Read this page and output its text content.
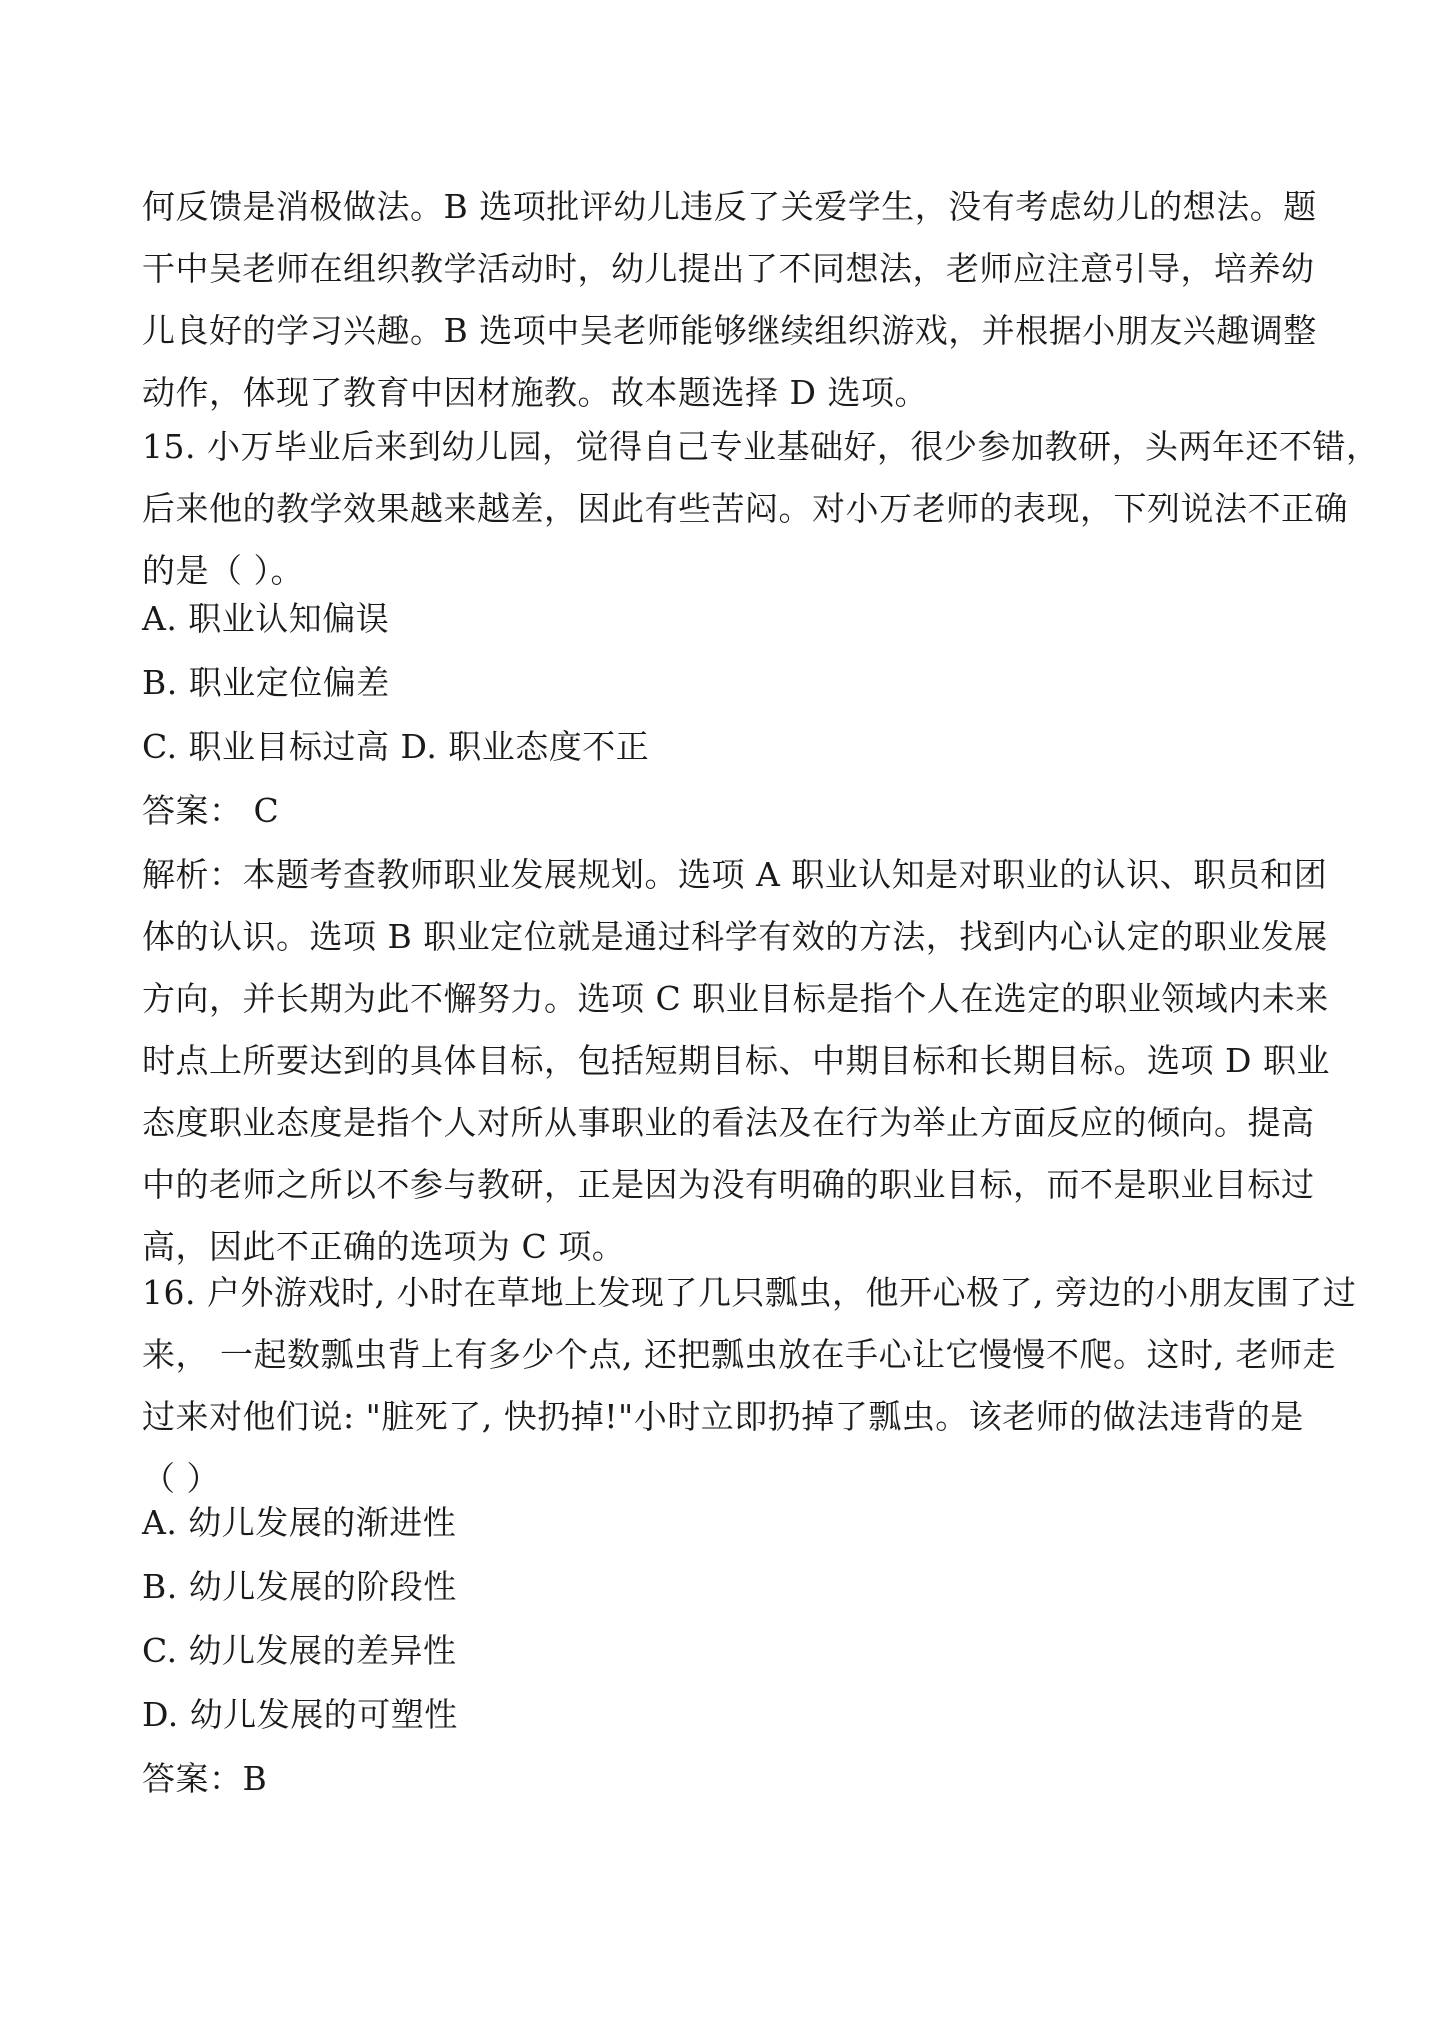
何反馈是消极做法。B 选项批评幼儿违反了关爱学生，没有考虑幼儿的想法。题
干中吴老师在组织教学活动时，幼儿提出了不同想法，老师应注意引导，培养幼
儿良好的学习兴趣。B 选项中吴老师能够继续组织游戏，并根据小朋友兴趣调整
动作，体现了教育中因材施教。故本题选择 D 选项。

15. 小万毕业后来到幼儿园，觉得自己专业基础好，很少参加教研，头两年还不错，
后来他的教学效果越来越差，因此有些苦闷。对小万老师的表现，下列说法不正确
的是（ ）。

A. 职业认知偏误

B. 职业定位偏差

C. 职业目标过高 D. 职业态度不正

答案： C

解析：本题考查教师职业发展规划。选项 A 职业认知是对职业的认识、职员和团
体的认识。选项 B 职业定位就是通过科学有效的方法，找到内心认定的职业发展
方向，并长期为此不懈努力。选项 C 职业目标是指个人在选定的职业领域内未来
时点上所要达到的具体目标，包括短期目标、中期目标和长期目标。选项 D 职业
态度职业态度是指个人对所从事职业的看法及在行为举止方面反应的倾向。提高
中的老师之所以不参与教研，正是因为没有明确的职业目标，而不是职业目标过
高，因此不正确的选项为 C 项。

16. 户外游戏时, 小时在草地上发现了几只瓢虫，他开心极了, 旁边的小朋友围了过
来， 一起数瓢虫背上有多少个点, 还把瓢虫放在手心让它慢慢不爬。这时, 老师走
过来对他们说: "脏死了, 快扔掉!"小时立即扔掉了瓢虫。该老师的做法违背的是
（ ）

A. 幼儿发展的渐进性

B. 幼儿发展的阶段性

C. 幼儿发展的差异性

D. 幼儿发展的可塑性

答案：B
